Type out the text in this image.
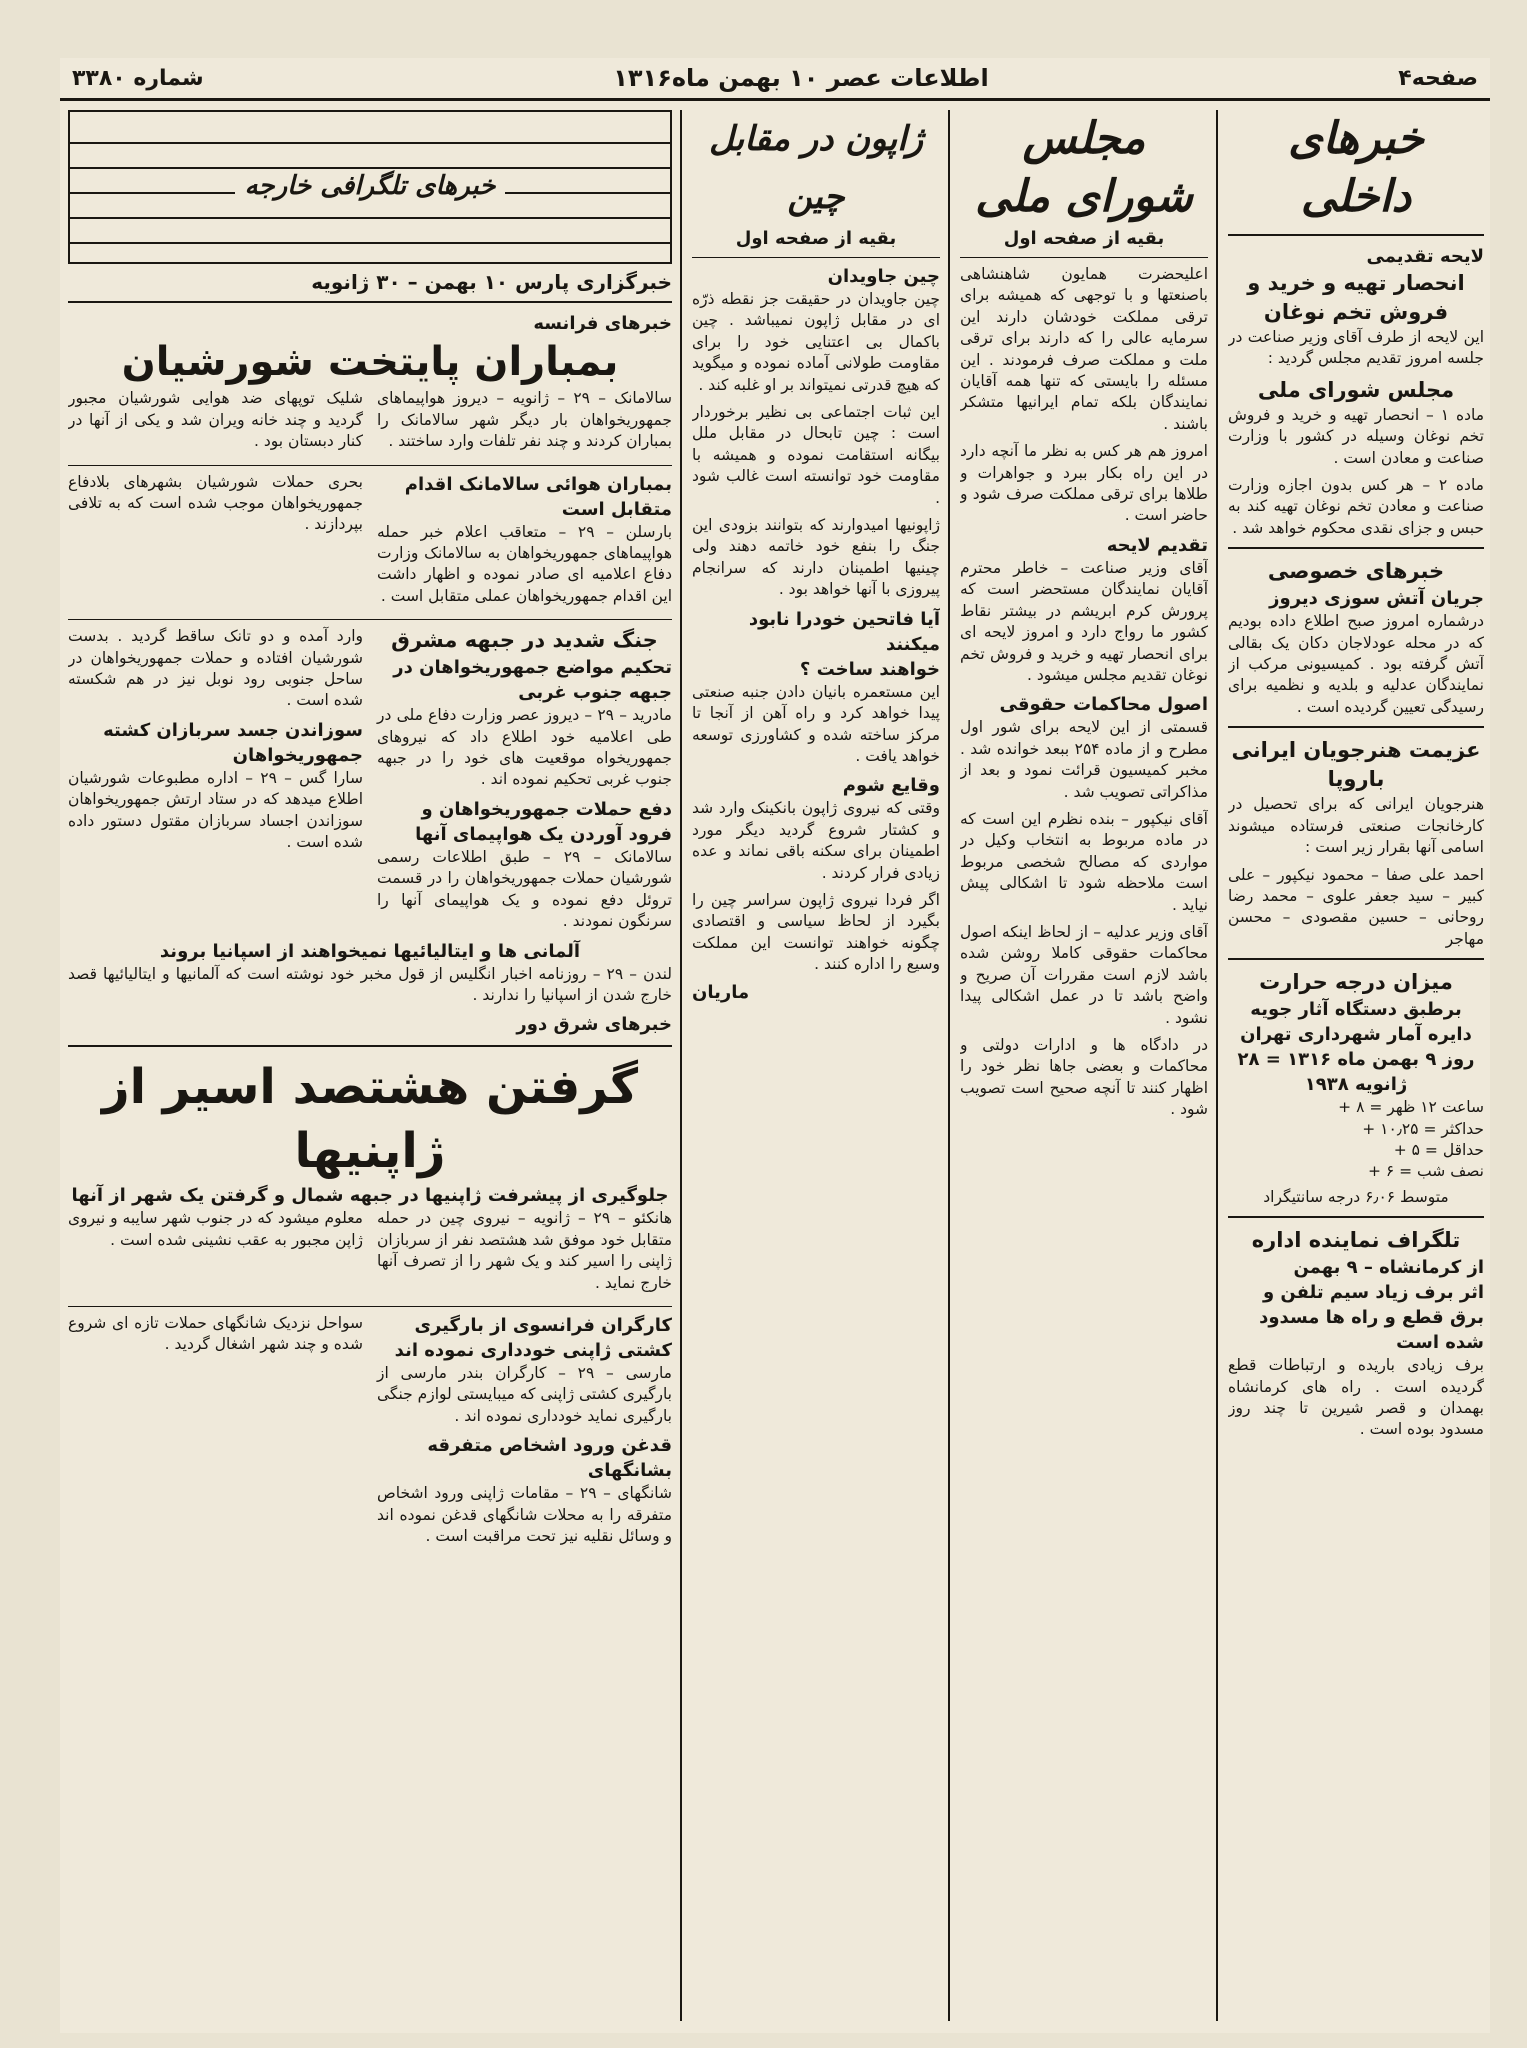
صفحه۴
اطلاعات عصر ۱۰ بهمن ماه۱۳۱۶
شماره ۳۳۸۰
خبرهای داخلی
لایحه تقدیمی
انحصار تهیه و خرید و فروش تخم نوغان

این لایحه از طرف آقای وزیر صناعت در جلسه امروز تقدیم مجلس گردید :

مجلس شورای ملی

ماده ۱ – انحصار تهیه و خرید و فروش تخم نوغان وسیله در کشور با وزارت صناعت و معادن است .

ماده ۲ – هر کس بدون اجازه وزارت صناعت و معادن تخم نوغان تهیه کند به حبس و جزای نقدی محکوم خواهد شد .

خبرهای خصوصی
جریان آتش سوزی دیروز

درشماره امروز صبح اطلاع داده بودیم که در محله عودلاجان دکان یک بقالی آتش گرفته بود . کمیسیونی مرکب از نمایندگان عدلیه و بلدیه و نظمیه برای رسیدگی تعیین گردیده است .

عزیمت هنرجویان ایرانی باروپا

هنرجویان ایرانی که برای تحصیل در کارخانجات صنعتی فرستاده میشوند اسامی آنها بقرار زیر است :

احمد علی صفا – محمود نیکپور – علی کبیر – سید جعفر علوی – محمد رضا روحانی – حسین مقصودی – محسن مهاجر

میزان درجه حرارت
برطبق دستگاه آثار جویه دایره آمار شهرداری تهران
روز ۹ بهمن ماه ۱۳۱۶ = ۲۸ ژانویه ۱۹۳۸
ساعت ۱۲ ظهر = ۸ +
حداکثر = ۱۰٫۲۵ +
حداقل = ۵ +
نصف شب = ۶ +
متوسط ۶٫۰۶ درجه سانتیگراد
تلگراف نماینده اداره
از کرمانشاه – ۹ بهمن
اثر برف زیاد سیم تلفن و برق قطع و راه ها مسدود شده است

برف زیادی باریده و ارتباطات قطع گردیده است . راه های کرمانشاه بهمدان و قصر شیرین تا چند روز مسدود بوده است .

مجلس شورای ملی
بقیه از صفحه اول

اعلیحضرت همایون شاهنشاهی باصنعتها و با توجهی که همیشه برای ترقی مملکت خودشان دارند این سرمایه عالی را که دارند برای ترقی ملت و مملکت صرف فرمودند . این مسئله را بایستی که تنها همه آقایان نمایندگان بلکه تمام ایرانیها متشکر باشند .

امروز هم هر کس به نظر ما آنچه دارد در این راه بکار ببرد و جواهرات و طلاها برای ترقی مملکت صرف شود و حاضر است .

تقدیم لایحه

آقای وزیر صناعت – خاطر محترم آقایان نمایندگان مستحضر است که پرورش کرم ابریشم در بیشتر نقاط کشور ما رواج دارد و امروز لایحه ای برای انحصار تهیه و خرید و فروش تخم نوغان تقدیم مجلس میشود .

اصول محاکمات حقوقی

قسمتی از این لایحه برای شور اول مطرح و از ماده ۲۵۴ ببعد خوانده شد . مخبر کمیسیون قرائت نمود و بعد از مذاکراتی تصویب شد .

آقای نیکپور – بنده نظرم این است که در ماده مربوط به انتخاب وکیل در مواردی که مصالح شخصی مربوط است ملاحظه شود تا اشکالی پیش نیاید .

آقای وزیر عدلیه – از لحاظ اینکه اصول محاکمات حقوقی کاملا روشن شده باشد لازم است مقررات آن صریح و واضح باشد تا در عمل اشکالی پیدا نشود .

در دادگاه ها و ادارات دولتی و محاکمات و بعضی جاها نظر خود را اظهار کنند تا آنچه صحیح است تصویب شود .

ژاپون در مقابل چین
بقیه از صفحه اول
چین جاویدان

چین جاویدان در حقیقت جز نقطه ذرّه ای در مقابل ژاپون نمیباشد . چین باکمال بی اعتنایی خود را برای مقاومت طولانی آماده نموده و میگوید که هیچ قدرتی نمیتواند بر او غلبه کند .

این ثبات اجتماعی بی نظیر برخوردار است : چین تابحال در مقابل ملل بیگانه استقامت نموده و همیشه با مقاومت خود توانسته است غالب شود .

ژاپونیها امیدوارند که بتوانند بزودی این جنگ را بنفع خود خاتمه دهند ولی چینیها اطمینان دارند که سرانجام پیروزی با آنها خواهد بود .

آیا فاتحین خودرا نابود میکنند
خواهند ساخت ؟

این مستعمره بانیان دادن جنبه صنعتی پیدا خواهد کرد و راه آهن از آنجا تا مرکز ساخته شده و کشاورزی توسعه خواهد یافت .

وقایع شوم

وقتی که نیروی ژاپون بانکینک وارد شد و کشتار شروع گردید دیگر مورد اطمینان برای سکنه باقی نماند و عده زیادی فرار کردند .

اگر فردا نیروی ژاپون سراسر چین را بگیرد از لحاظ سیاسی و اقتصادی چگونه خواهند توانست این مملکت وسیع را اداره کنند .

ماریان
خبرهای تلگرافی خارجه
خبرگزاری پارس ۱۰ بهمن – ۳۰ ژانویه
خبرهای فرانسه
بمباران پایتخت شورشیان

سالامانک – ۲۹ – ژانویه – دیروز هواپیماهای جمهوریخواهان بار دیگر شهر سالامانک را بمباران کردند و چند نفر تلفات وارد ساختند .

شلیک توپهای ضد هوایی شورشیان مجبور گردید و چند خانه ویران شد و یکی از آنها در کنار دبستان بود .

بمباران هوائی سالامانک اقدام متقابل است

بارسلن – ۲۹ – متعاقب اعلام خبر حمله هواپیماهای جمهوریخواهان به سالامانک وزارت دفاع اعلامیه ای صادر نموده و اظهار داشت این اقدام جمهوریخواهان عملی متقابل است .

بحری حملات شورشیان بشهرهای بلادفاع جمهوریخواهان موجب شده است که به تلافی بپردازند .

جنگ شدید در جبهه مشرق
تحکیم مواضع جمهوریخواهان در جبهه جنوب غربی

مادرید – ۲۹ – دیروز عصر وزارت دفاع ملی در طی اعلامیه خود اطلاع داد که نیروهای جمهوریخواه موقعیت های خود را در جبهه جنوب غربی تحکیم نموده اند .

دفع حملات جمهوریخواهان و فرود آوردن یک هواپیمای آنها

سالامانک – ۲۹ – طبق اطلاعات رسمی شورشیان حملات جمهوریخواهان را در قسمت تروئل دفع نموده و یک هواپیمای آنها را سرنگون نمودند .

وارد آمده و دو تانک ساقط گردید . بدست شورشیان افتاده و حملات جمهوریخواهان در ساحل جنوبی رود نوبل نیز در هم شکسته شده است .

سوزاندن جسد سربازان کشته جمهوریخواهان

سارا گس – ۲۹ – اداره مطبوعات شورشیان اطلاع میدهد که در ستاد ارتش جمهوریخواهان سوزاندن اجساد سربازان مقتول دستور داده شده است .

آلمانی ها و ایتالیائیها نمیخواهند از اسپانیا بروند

لندن – ۲۹ – روزنامه اخبار انگلیس از قول مخبر خود نوشته است که آلمانیها و ایتالیائیها قصد خارج شدن از اسپانیا را ندارند .

خبرهای شرق دور
گرفتن هشتصد اسیر از ژاپنیها
جلوگیری از پیشرفت ژاپنیها در جبهه شمال و گرفتن یک شهر از آنها

هانکئو – ۲۹ – ژانویه – نیروی چین در حمله متقابل خود موفق شد هشتصد نفر از سربازان ژاپنی را اسیر کند و یک شهر را از تصرف آنها خارج نماید .

معلوم میشود که در جنوب شهر سایبه و نیروی ژاپن مجبور به عقب نشینی شده است .

کارگران فرانسوی از بارگیری کشتی ژاپنی خودداری نموده اند

مارسی – ۲۹ – کارگران بندر مارسی از بارگیری کشتی ژاپنی که میبایستی لوازم جنگی بارگیری نماید خودداری نموده اند .

قدغن ورود اشخاص متفرقه بشانگهای

شانگهای – ۲۹ – مقامات ژاپنی ورود اشخاص متفرقه را به محلات شانگهای قدغن نموده اند و وسائل نقلیه نیز تحت مراقبت است .

سواحل نزدیک شانگهای حملات تازه ای شروع شده و چند شهر اشغال گردید .
